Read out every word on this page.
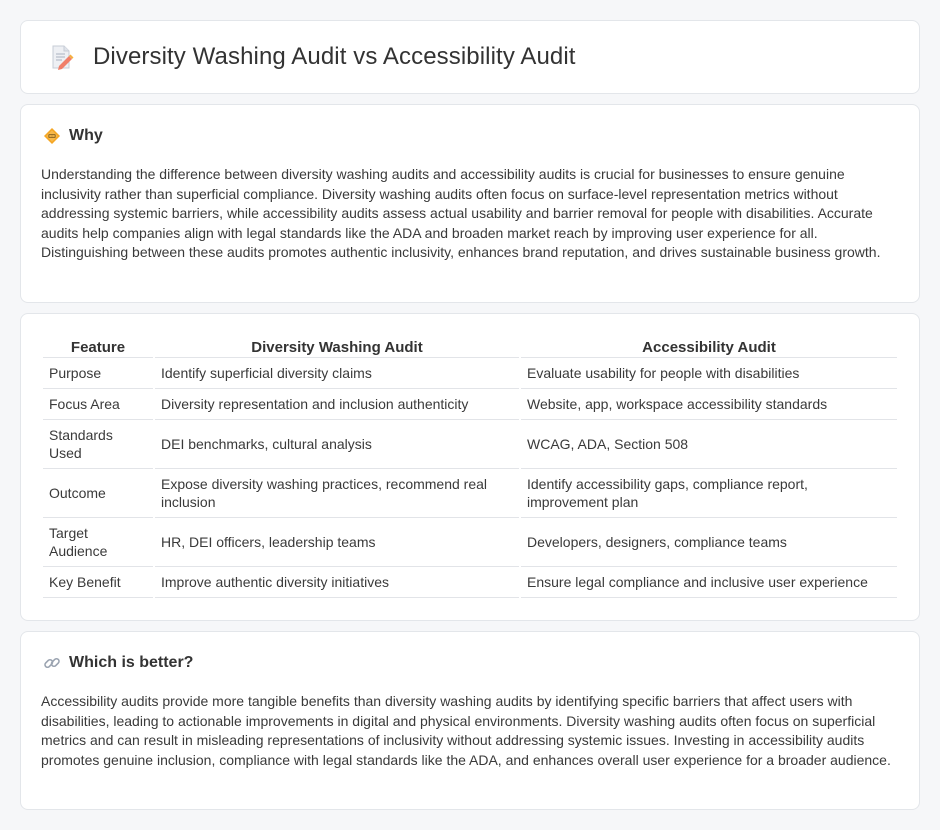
Diversity Washing Audit vs Accessibility Audit
Why

Understanding the difference between diversity washing audits and accessibility audits is crucial for businesses to ensure genuine inclusivity rather than superficial compliance. Diversity washing audits often focus on surface-level representation metrics without addressing systemic barriers, while accessibility audits assess actual usability and barrier removal for people with disabilities. Accurate audits help companies align with legal standards like the ADA and broaden market reach by improving user experience for all. Distinguishing between these audits promotes authentic inclusivity, enhances brand reputation, and drives sustainable business growth.

Feature	Diversity Washing Audit	Accessibility Audit
Purpose	Identify superficial diversity claims	Evaluate usability for people with disabilities
Focus Area	Diversity representation and inclusion authenticity	Website, app, workspace accessibility standards
Standards Used	DEI benchmarks, cultural analysis	WCAG, ADA, Section 508
Outcome	Expose diversity washing practices, recommend real inclusion	Identify accessibility gaps, compliance report, improvement plan
Target Audience	HR, DEI officers, leadership teams	Developers, designers, compliance teams
Key Benefit	Improve authentic diversity initiatives	Ensure legal compliance and inclusive user experience
Which is better?

Accessibility audits provide more tangible benefits than diversity washing audits by identifying specific barriers that affect users with disabilities, leading to actionable improvements in digital and physical environments. Diversity washing audits often focus on superficial metrics and can result in misleading representations of inclusivity without addressing systemic issues. Investing in accessibility audits promotes genuine inclusion, compliance with legal standards like the ADA, and enhances overall user experience for a broader audience.
